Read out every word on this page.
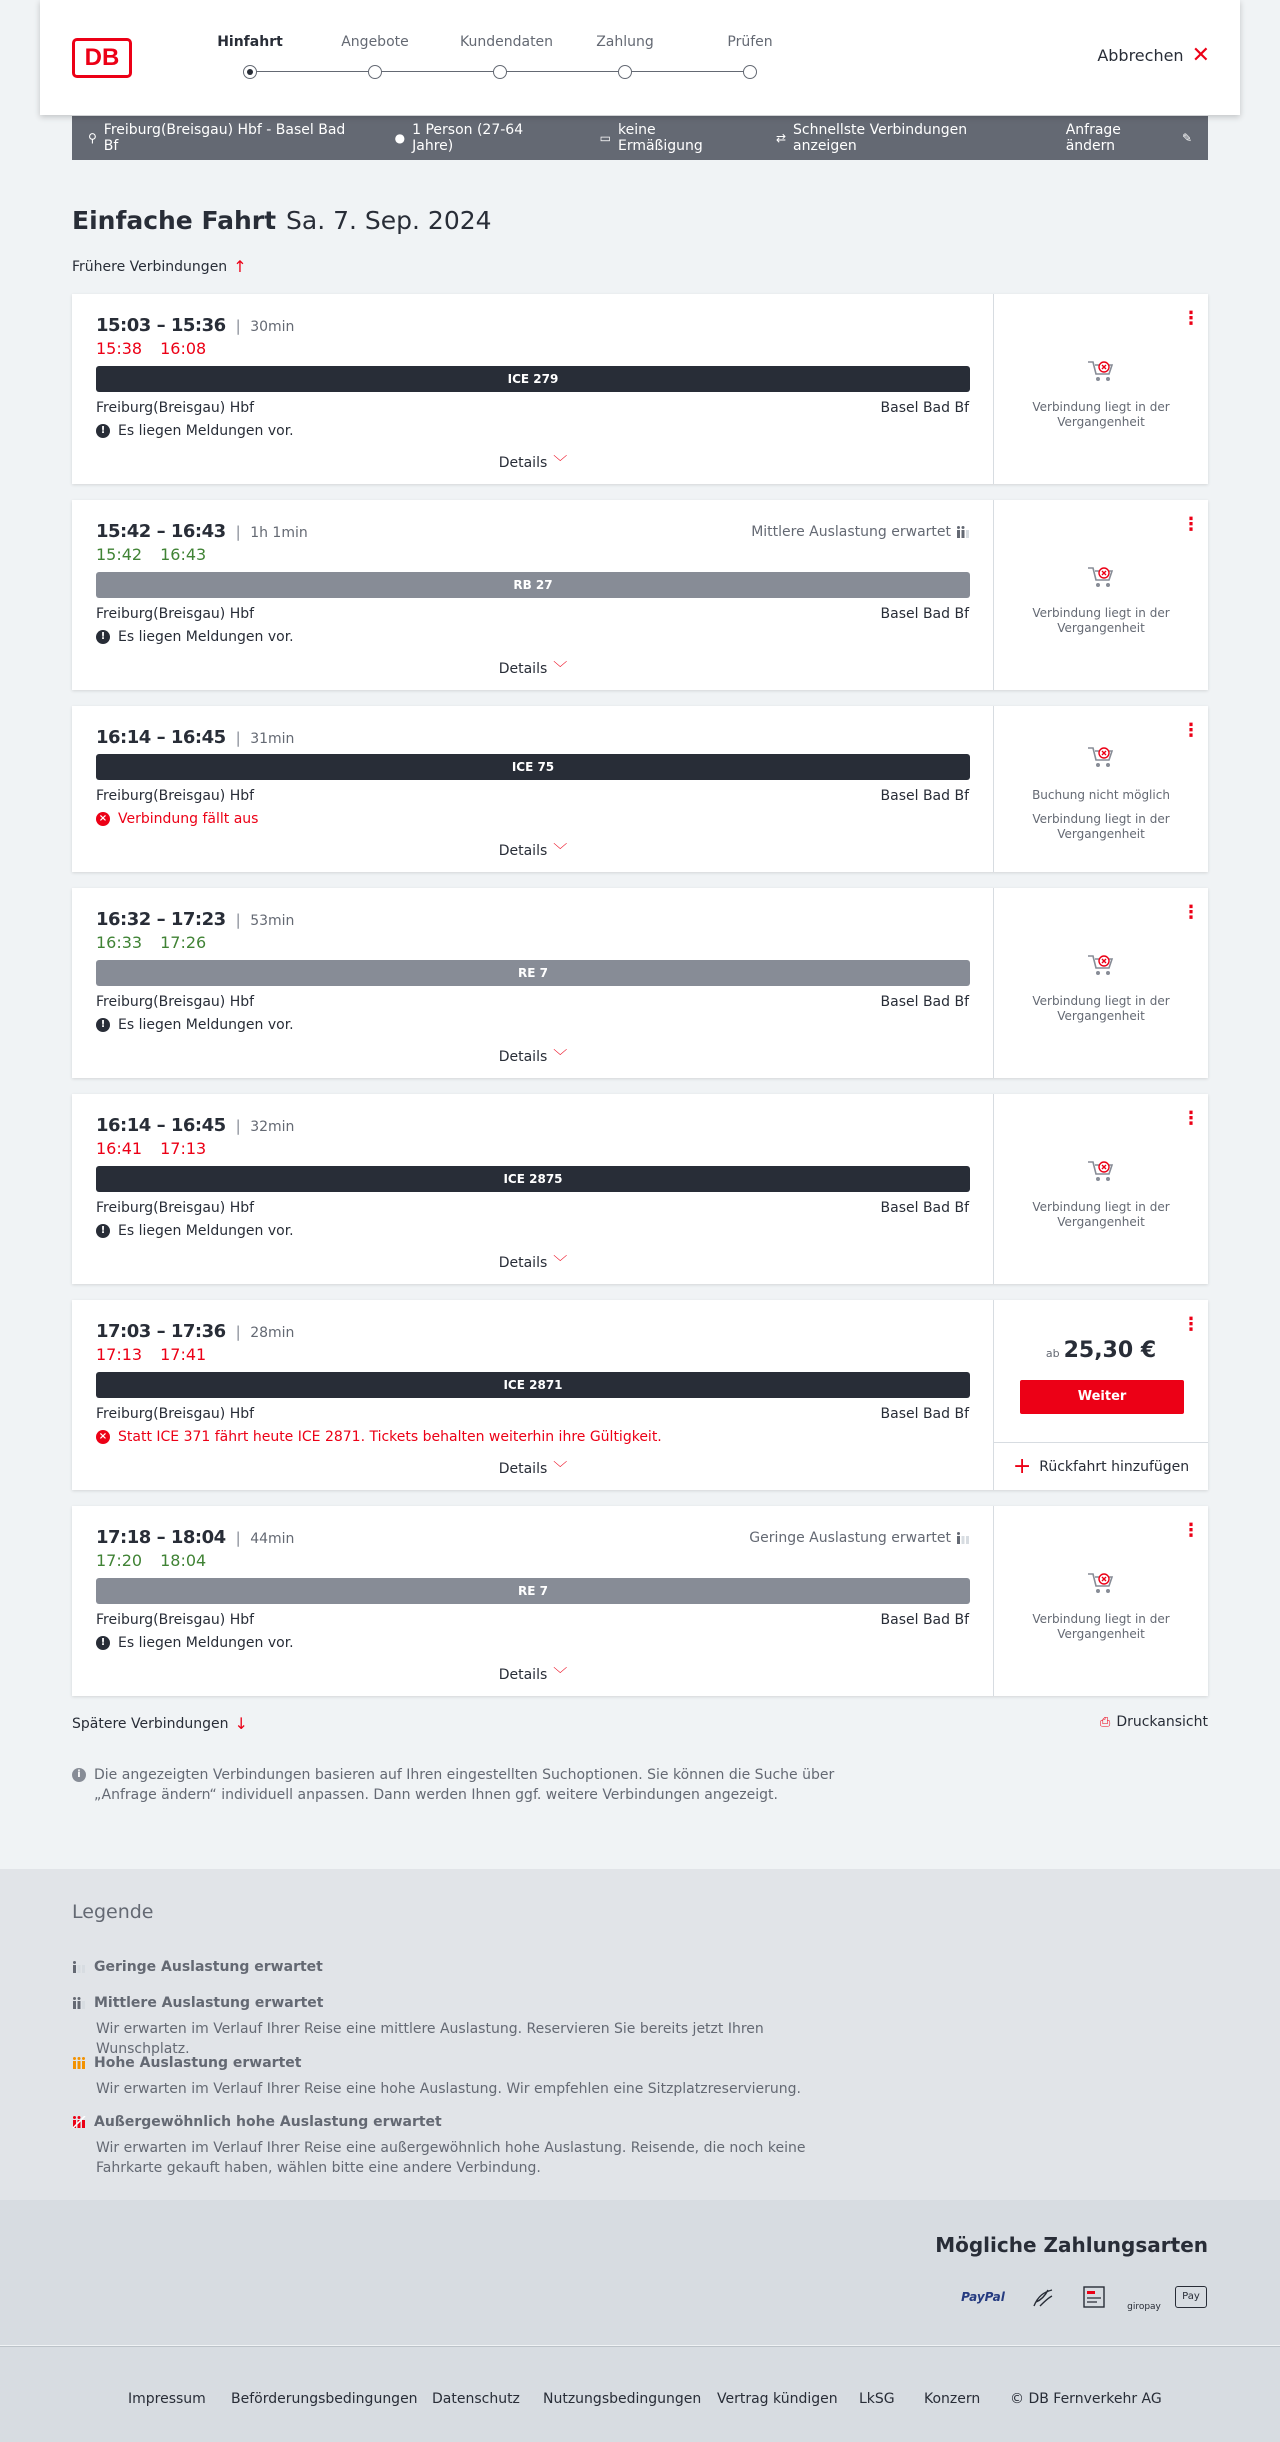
DB
Hinfahrt	Angebote	Kundendaten	Zahlung	Prüfen
Abbrechen ✕
⚲ Freiburg(Breisgau) Hbf - Basel Bad Bf	● 1 Person (27-64 Jahre)	▭ keine Ermäßigung	⇄ Schnellste Verbindungen anzeigen
Anfrage ändern	✎
Einfache Fahrt Sa. 7. Sep. 2024
Frühere Verbindungen ↑
15:03 – 15:36 | 30min
15:38 16:08
ICE 279
Freiburg(Breisgau) Hbf	Basel Bad Bf
! Es liegen Meldungen vor.
Details ﹀
⋮
Verbindung liegt in der Vergangenheit
15:42 – 16:43 | 1h 1min	Mittlere Auslastung erwartet
15:42 16:43
RB 27
Freiburg(Breisgau) Hbf	Basel Bad Bf
! Es liegen Meldungen vor.
Details ﹀
⋮
Verbindung liegt in der Vergangenheit
16:14 – 16:45 | 31min
ICE 75
Freiburg(Breisgau) Hbf	Basel Bad Bf
× Verbindung fällt aus
Details ﹀
⋮
Buchung nicht möglich
Verbindung liegt in der Vergangenheit
16:32 – 17:23 | 53min
16:33 17:26
RE 7
Freiburg(Breisgau) Hbf	Basel Bad Bf
! Es liegen Meldungen vor.
Details ﹀
⋮
Verbindung liegt in der Vergangenheit
16:14 – 16:45 | 32min
16:41 17:13
ICE 2875
Freiburg(Breisgau) Hbf	Basel Bad Bf
! Es liegen Meldungen vor.
Details ﹀
⋮
Verbindung liegt in der Vergangenheit
17:03 – 17:36 | 28min
17:13 17:41
ICE 2871
Freiburg(Breisgau) Hbf	Basel Bad Bf
× Statt ICE 371 fährt heute ICE 2871. Tickets behalten weiterhin ihre Gültigkeit.
Details ﹀
⋮
ab 25,30 €
Weiter
+ Rückfahrt hinzufügen
17:18 – 18:04 | 44min	Geringe Auslastung erwartet
17:20 18:04
RE 7
Freiburg(Breisgau) Hbf	Basel Bad Bf
! Es liegen Meldungen vor.
Details ﹀
⋮
Verbindung liegt in der Vergangenheit
Spätere Verbindungen ↓	⎙ Druckansicht
i Die angezeigten Verbindungen basieren auf Ihren eingestellten Suchoptionen. Sie können die Suche über „Anfrage ändern“ individuell anpassen. Dann werden Ihnen ggf. weitere Verbindungen angezeigt.
Legende
Geringe Auslastung erwartet
Mittlere Auslastung erwartet
Wir erwarten im Verlauf Ihrer Reise eine mittlere Auslastung. Reservieren Sie bereits jetzt Ihren Wunschplatz.
Hohe Auslastung erwartet
Wir erwarten im Verlauf Ihrer Reise eine hohe Auslastung. Wir empfehlen eine Sitzplatzreservierung.
Außergewöhnlich hohe Auslastung erwartet
Wir erwarten im Verlauf Ihrer Reise eine außergewöhnlich hohe Auslastung. Reisende, die noch keine Fahrkarte gekauft haben, wählen bitte eine andere Verbindung.
Mögliche Zahlungsarten
PayPal
giropay
Pay
Impressum Beförderungsbedingungen Datenschutz Nutzungsbedingungen Vertrag kündigen LkSG Konzern © DB Fernverkehr AG
